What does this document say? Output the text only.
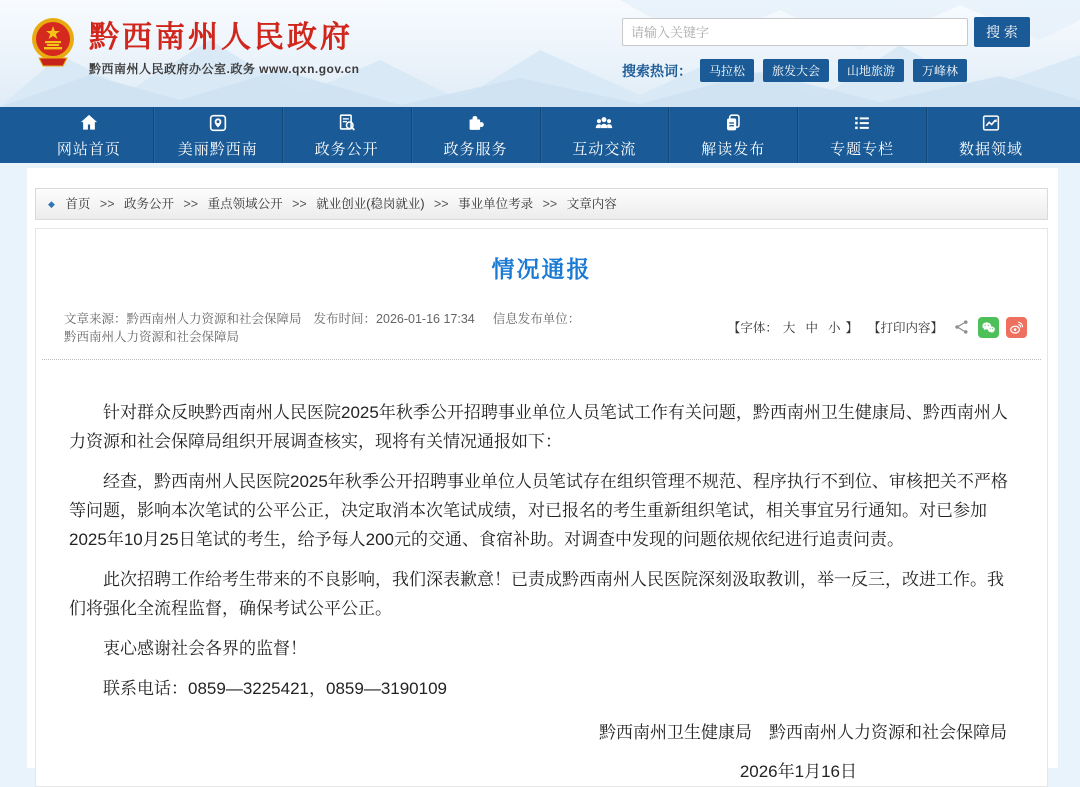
黔西南州人民政府
黔西南州人民政府办公室.政务 www.qxn.gov.cn
请输入关键字
搜 索
搜索热词：	马拉松	旅发大会	山地旅游	万峰林
网站首页	美丽黔西南	政务公开	政务服务	互动交流	解读发布	专题专栏	数据领域
◆ 首页 >> 政务公开 >> 重点领域公开 >> 就业创业(稳岗就业) >> 事业单位考录 >> 文章内容
情况通报
文章来源：黔西南州人力资源和社会保障局 发布时间：2026-01-16 17:34 信息发布单位：黔西南州人力资源和社会保障局
【字体： 大 中 小 】 【打印内容】

针对群众反映黔西南州人民医院2025年秋季公开招聘事业单位人员笔试工作有关问题，黔西南州卫生健康局、黔西南州人力资源和社会保障局组织开展调查核实，现将有关情况通报如下：

经查，黔西南州人民医院2025年秋季公开招聘事业单位人员笔试存在组织管理不规范、程序执行不到位、审核把关不严格等问题，影响本次笔试的公平公正，决定取消本次笔试成绩，对已报名的考生重新组织笔试，相关事宜另行通知。对已参加2025年10月25日笔试的考生，给予每人200元的交通、食宿补助。对调查中发现的问题依规依纪进行追责问责。

此次招聘工作给考生带来的不良影响，我们深表歉意！已责成黔西南州人民医院深刻汲取教训，举一反三，改进工作。我们将强化全流程监督，确保考试公平公正。

衷心感谢社会各界的监督！

联系电话：0859—3225421，0859—3190109

黔西南州卫生健康局　黔西南州人力资源和社会保障局

2026年1月16日
